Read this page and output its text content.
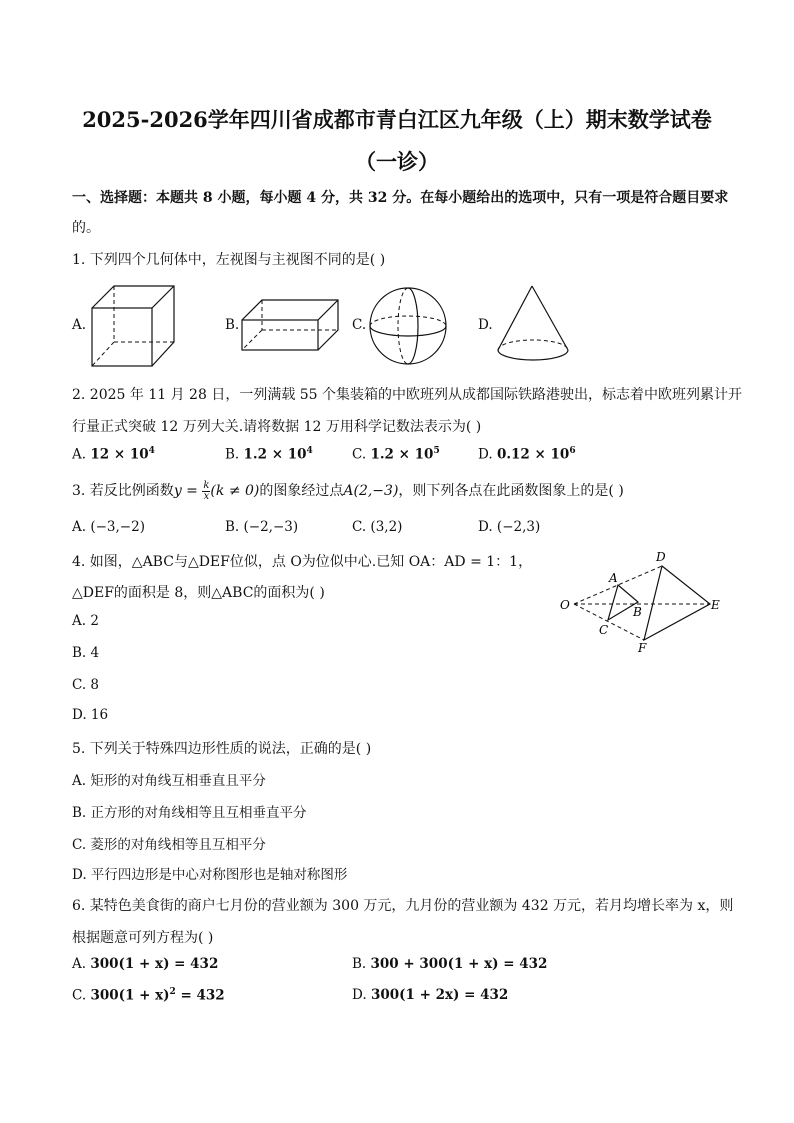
2025-2026学年四川省成都市青白江区九年级（上）期末数学试卷
（一诊）
一、选择题：本题共 8 小题，每小题 4 分，共 32 分。在每小题给出的选项中，只有一项是符合题目要求
的。
1. 下列四个几何体中，左视图与主视图不同的是( )
A.	B.	C.	D.
2. 2025 年 11 月 28 日，一列满载 55 个集装箱的中欧班列从成都国际铁路港驶出，标志着中欧班列累计开
行量正式突破 12 万列大关.请将数据 12 万用科学记数法表示为( )
A. $12 \times 10^4$	B. $1.2 \times 10^4$	C. $1.2 \times 10^5$	D. $0.12 \times 10^6$
3. 若反比例函数$y = \frac{k}{x} (k \ne 0)$的图象经过点A(2,−3)，则下列各点在此函数图象上的是( )
A. (−3,−2)	B. (−2,−3)	C. (3,2)	D. (−2,3)
4. 如图，△ABC与△DEF位似，点 O为位似中心.已知 OA：AD = 1：1，
△DEF的面积是 8，则△ABC的面积为( )
A. 2
B. 4
C. 8
D. 16
O
A
B
C
D
E
F
5. 下列关于特殊四边形性质的说法，正确的是( )
A. 矩形的对角线互相垂直且平分
B. 正方形的对角线相等且互相垂直平分
C. 菱形的对角线相等且互相平分
D. 平行四边形是中心对称图形也是轴对称图形
6. 某特色美食街的商户七月份的营业额为 300 万元，九月份的营业额为 432 万元，若月均增长率为 x，则
根据题意可列方程为( )
A. 300(1 + x) = 432	B. 300 + 300(1 + x) = 432
C. $300(1 + x)^2 = 432$	D. 300(1 + 2x) = 432
